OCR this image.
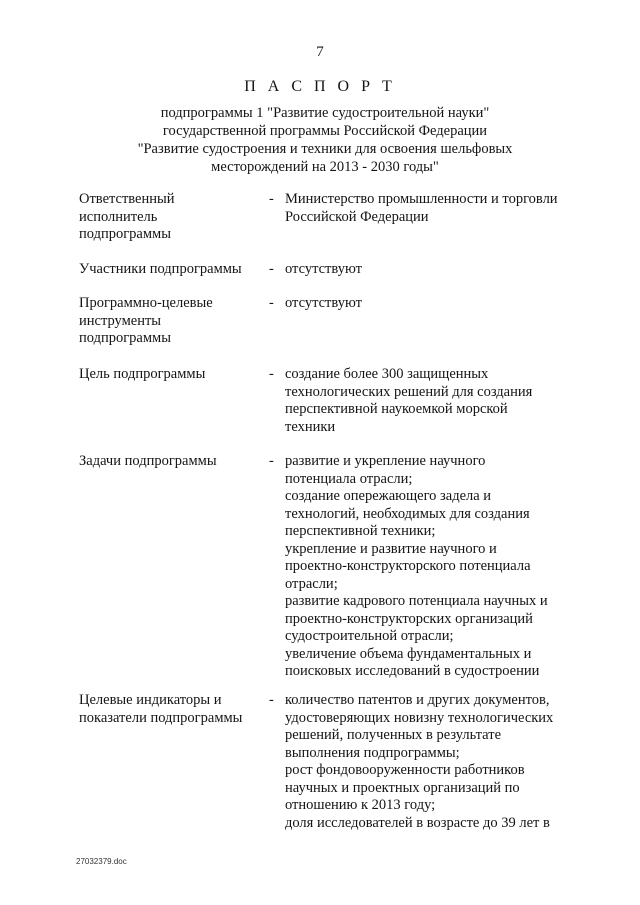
7
П А С П О Р Т
подпрограммы 1 "Развитие судостроительной науки"
государственной программы Российской Федерации
"Развитие судостроения и техники для освоения шельфовых
месторождений на 2013 - 2030 годы"
Ответственный
исполнитель
подпрограммы
- Министерство промышленности и торговли
Российской Федерации
Участники подпрограммы	- отсутствуют
Программно-целевые
инструменты
подпрограммы
- отсутствуют
Цель подпрограммы	- создание более 300 защищенных
технологических решений для создания
перспективной наукоемкой морской
техники
Задачи подпрограммы	- развитие и укрепление научного
потенциала отрасли;
создание опережающего задела и
технологий, необходимых для создания
перспективной техники;
укрепление и развитие научного и
проектно-конструкторского потенциала
отрасли;
развитие кадрового потенциала научных и
проектно-конструкторских организаций
судостроительной отрасли;
увеличение объема фундаментальных и
поисковых исследований в судостроении
Целевые индикаторы и
показатели подпрограммы
- количество патентов и других документов,
удостоверяющих новизну технологических
решений, полученных в результате
выполнения подпрограммы;
рост фондовооруженности работников
научных и проектных организаций по
отношению к 2013 году;
доля исследователей в возрасте до 39 лет в
27032379.doc
